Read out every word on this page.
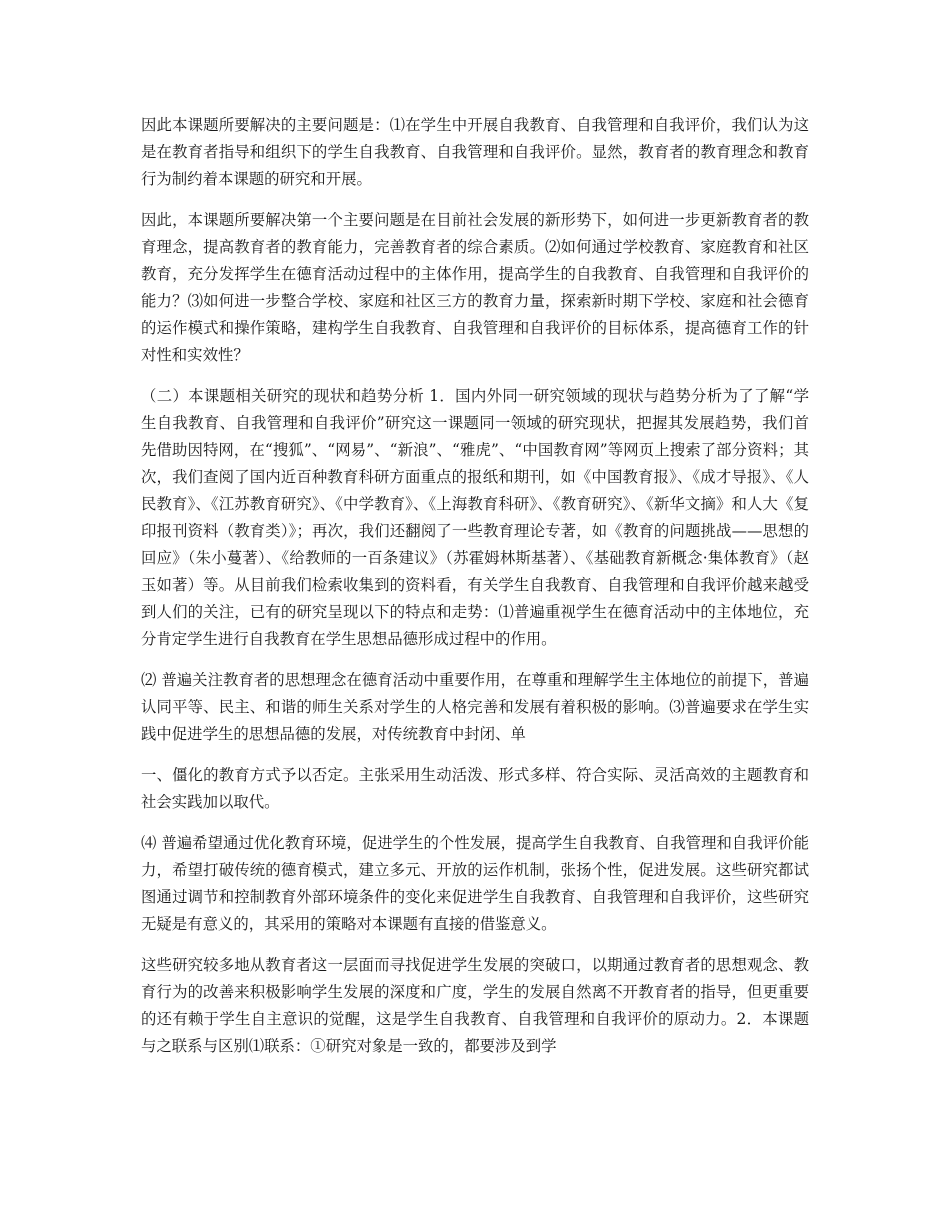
因此本课题所要解决的主要问题是：⑴在学生中开展自我教育、自我管理和自我评价，我们认为这是在教育者指导和组织下的学生自我教育、自我管理和自我评价。显然，教育者的教育理念和教育行为制约着本课题的研究和开展。

因此，本课题所要解决第一个主要问题是在目前社会发展的新形势下，如何进一步更新教育者的教育理念，提高教育者的教育能力，完善教育者的综合素质。⑵如何通过学校教育、家庭教育和社区教育，充分发挥学生在德育活动过程中的主体作用，提高学生的自我教育、自我管理和自我评价的能力？⑶如何进一步整合学校、家庭和社区三方的教育力量，探索新时期下学校、家庭和社会德育的运作模式和操作策略，建构学生自我教育、自我管理和自我评价的目标体系，提高德育工作的针对性和实效性？

（二）本课题相关研究的现状和趋势分析 1．国内外同一研究领域的现状与趋势分析为了了解“学生自我教育、自我管理和自我评价”研究这一课题同一领域的研究现状，把握其发展趋势，我们首先借助因特网，在“搜狐”、“网易”、“新浪”、“雅虎”、“中国教育网”等网页上搜索了部分资料；其次，我们查阅了国内近百种教育科研方面重点的报纸和期刊，如《中国教育报》、《成才导报》、《人民教育》、《江苏教育研究》、《中学教育》、《上海教育科研》、《教育研究》、《新华文摘》和人大《复印报刊资料（教育类）》；再次，我们还翻阅了一些教育理论专著，如《教育的问题挑战——思想的回应》（朱小蔓著）、《给教师的一百条建议》（苏霍姆林斯基著）、《基础教育新概念·集体教育》（赵玉如著）等。从目前我们检索收集到的资料看，有关学生自我教育、自我管理和自我评价越来越受到人们的关注，已有的研究呈现以下的特点和走势：⑴普遍重视学生在德育活动中的主体地位，充分肯定学生进行自我教育在学生思想品德形成过程中的作用。

⑵ 普遍关注教育者的思想理念在德育活动中重要作用，在尊重和理解学生主体地位的前提下，普遍认同平等、民主、和谐的师生关系对学生的人格完善和发展有着积极的影响。⑶普遍要求在学生实践中促进学生的思想品德的发展，对传统教育中封闭、单

一、僵化的教育方式予以否定。主张采用生动活泼、形式多样、符合实际、灵活高效的主题教育和社会实践加以取代。

⑷ 普遍希望通过优化教育环境，促进学生的个性发展，提高学生自我教育、自我管理和自我评价能力，希望打破传统的德育模式，建立多元、开放的运作机制，张扬个性，促进发展。这些研究都试图通过调节和控制教育外部环境条件的变化来促进学生自我教育、自我管理和自我评价，这些研究无疑是有意义的，其采用的策略对本课题有直接的借鉴意义。

这些研究较多地从教育者这一层面而寻找促进学生发展的突破口，以期通过教育者的思想观念、教育行为的改善来积极影响学生发展的深度和广度，学生的发展自然离不开教育者的指导，但更重要的还有赖于学生自主意识的觉醒，这是学生自我教育、自我管理和自我评价的原动力。2．本课题与之联系与区别⑴联系：①研究对象是一致的，都要涉及到学
